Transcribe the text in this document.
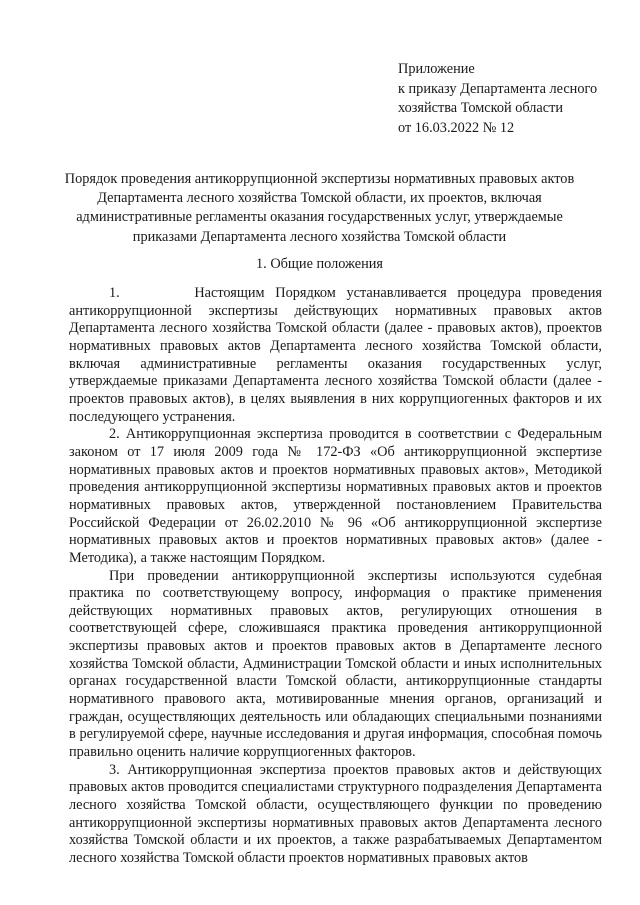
Приложение
к приказу Департамента лесного
хозяйства Томской области
от 16.03.2022 № 12
Порядок проведения антикоррупционной экспертизы нормативных правовых актов
Департамента лесного хозяйства Томской области, их проектов, включая
административные регламенты оказания государственных услуг, утверждаемые
приказами Департамента лесного хозяйства Томской области
1. Общие положения

1.       Настоящим Порядком устанавливается процедура проведения антикоррупционной экспертизы действующих нормативных правовых актов Департамента лесного хозяйства Томской области (далее - правовых актов), проектов нормативных правовых актов Департамента лесного хозяйства Томской области, включая административные регламенты оказания государственных услуг, утверждаемые приказами Департамента лесного хозяйства Томской области (далее - проектов правовых актов), в целях выявления в них коррупциогенных факторов и их последующего устранения.

2. Антикоррупционная экспертиза проводится в соответствии с Федеральным законом от 17 июля 2009 года № 172-ФЗ «Об антикоррупционной экспертизе нормативных правовых актов и проектов нормативных правовых актов», Методикой проведения антикоррупционной экспертизы нормативных правовых актов и проектов нормативных правовых актов, утвержденной постановлением Правительства Российской Федерации от 26.02.2010 № 96 «Об антикоррупционной экспертизе нормативных правовых актов и проектов нормативных правовых актов» (далее - Методика), а также настоящим Порядком.

При проведении антикоррупционной экспертизы используются судебная практика по соответствующему вопросу, информация о практике применения действующих нормативных правовых актов, регулирующих отношения в соответствующей сфере, сложившаяся практика проведения антикоррупционной экспертизы правовых актов и проектов правовых актов в Департаменте лесного хозяйства Томской области, Администрации Томской области и иных исполнительных органах государственной власти Томской области, антикоррупционные стандарты нормативного правового акта, мотивированные мнения органов, организаций и граждан, осуществляющих деятельность или обладающих специальными познаниями в регулируемой сфере, научные исследования и другая информация, способная помочь правильно оценить наличие коррупциогенных факторов.

3. Антикоррупционная экспертиза проектов правовых актов и действующих правовых актов проводится специалистами структурного подразделения Департамента лесного хозяйства Томской области, осуществляющего функции по проведению антикоррупционной экспертизы нормативных правовых актов Департамента лесного хозяйства Томской области и их проектов, а также разрабатываемых Департаментом лесного хозяйства Томской области проектов нормативных правовых актов
